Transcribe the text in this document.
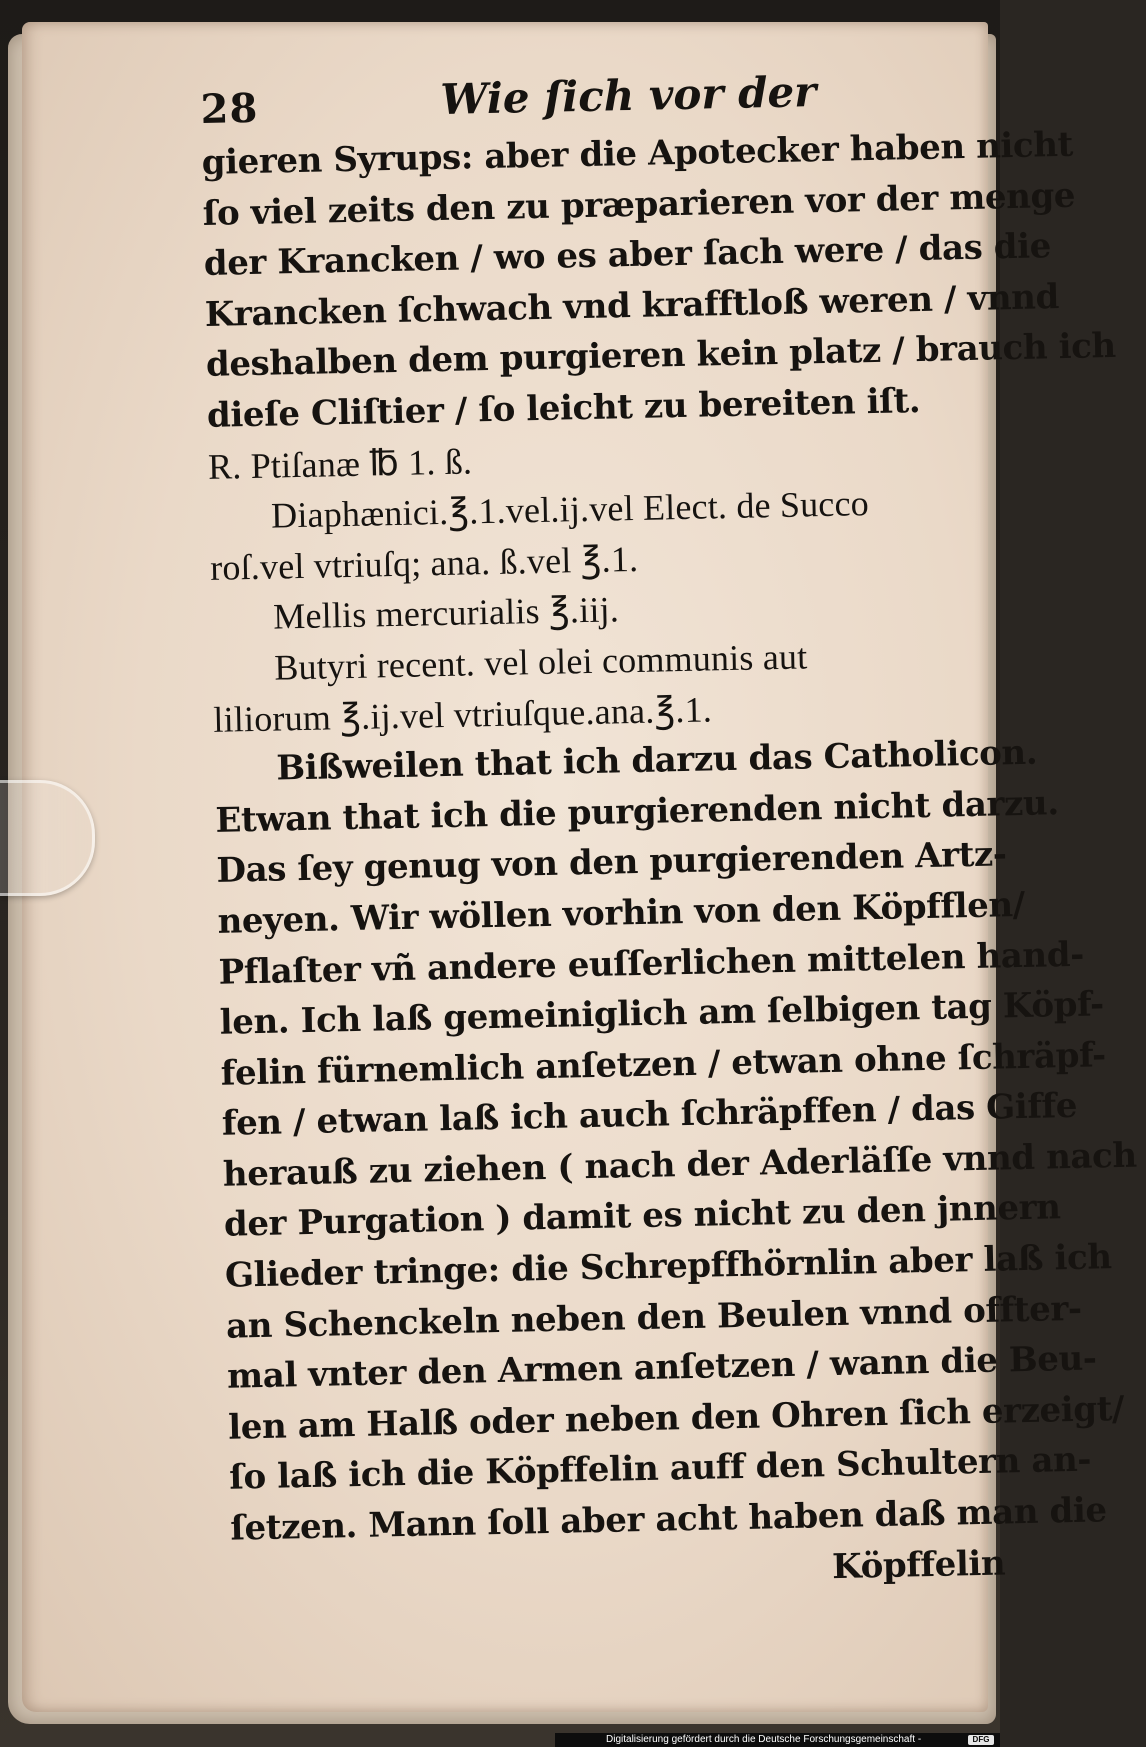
28	Wie ſich vor der
gieren Syrups: aber die Apotecker haben nicht
ſo viel zeits den zu præparieren vor der menge
der Krancken / wo es aber ſach were / das die
Krancken ſchwach vnd krafftloß weren / vnnd
deshalben dem purgieren kein platz / brauch ich
dieſe Cliſtier / ſo leicht zu bereiten iſt.
R. Ptiſanæ ℔ 1. ß.
Diaphænici.℥.1.vel.ij.vel Elect. de Succo
roſ.vel vtriuſq; ana. ß.vel ℥.1.
Mellis mercurialis ℥.iij.
Butyri recent. vel olei communis aut
liliorum ℥.ij.vel vtriuſque.ana.℥.1.
Bißweilen that ich darzu das Catholicon.
Etwan that ich die purgierenden nicht darzu.
Das ſey genug von den purgierenden Artz-
neyen. Wir wöllen vorhin von den Köpfflen/
Pflaſter vñ andere euſſerlichen mittelen hand-
len. Ich laß gemeiniglich am ſelbigen tag Köpf-
felin fürnemlich anſetzen / etwan ohne ſchräpf-
fen / etwan laß ich auch ſchräpffen / das Giffe
herauß zu ziehen ( nach der Aderläſſe vnnd nach
der Purgation ) damit es nicht zu den jnnern
Glieder tringe: die Schrepffhörnlin aber laß ich
an Schenckeln neben den Beulen vnnd offter-
mal vnter den Armen anſetzen / wann die Beu-
len am Halß oder neben den Ohren ſich erzeigt/
ſo laß ich die Köpffelin auff den Schultern an-
ſetzen. Mann ſoll aber acht haben daß man die
Köpffelin
Digitalisierung gefördert durch die Deutsche Forschungsgemeinschaft -	DFG
